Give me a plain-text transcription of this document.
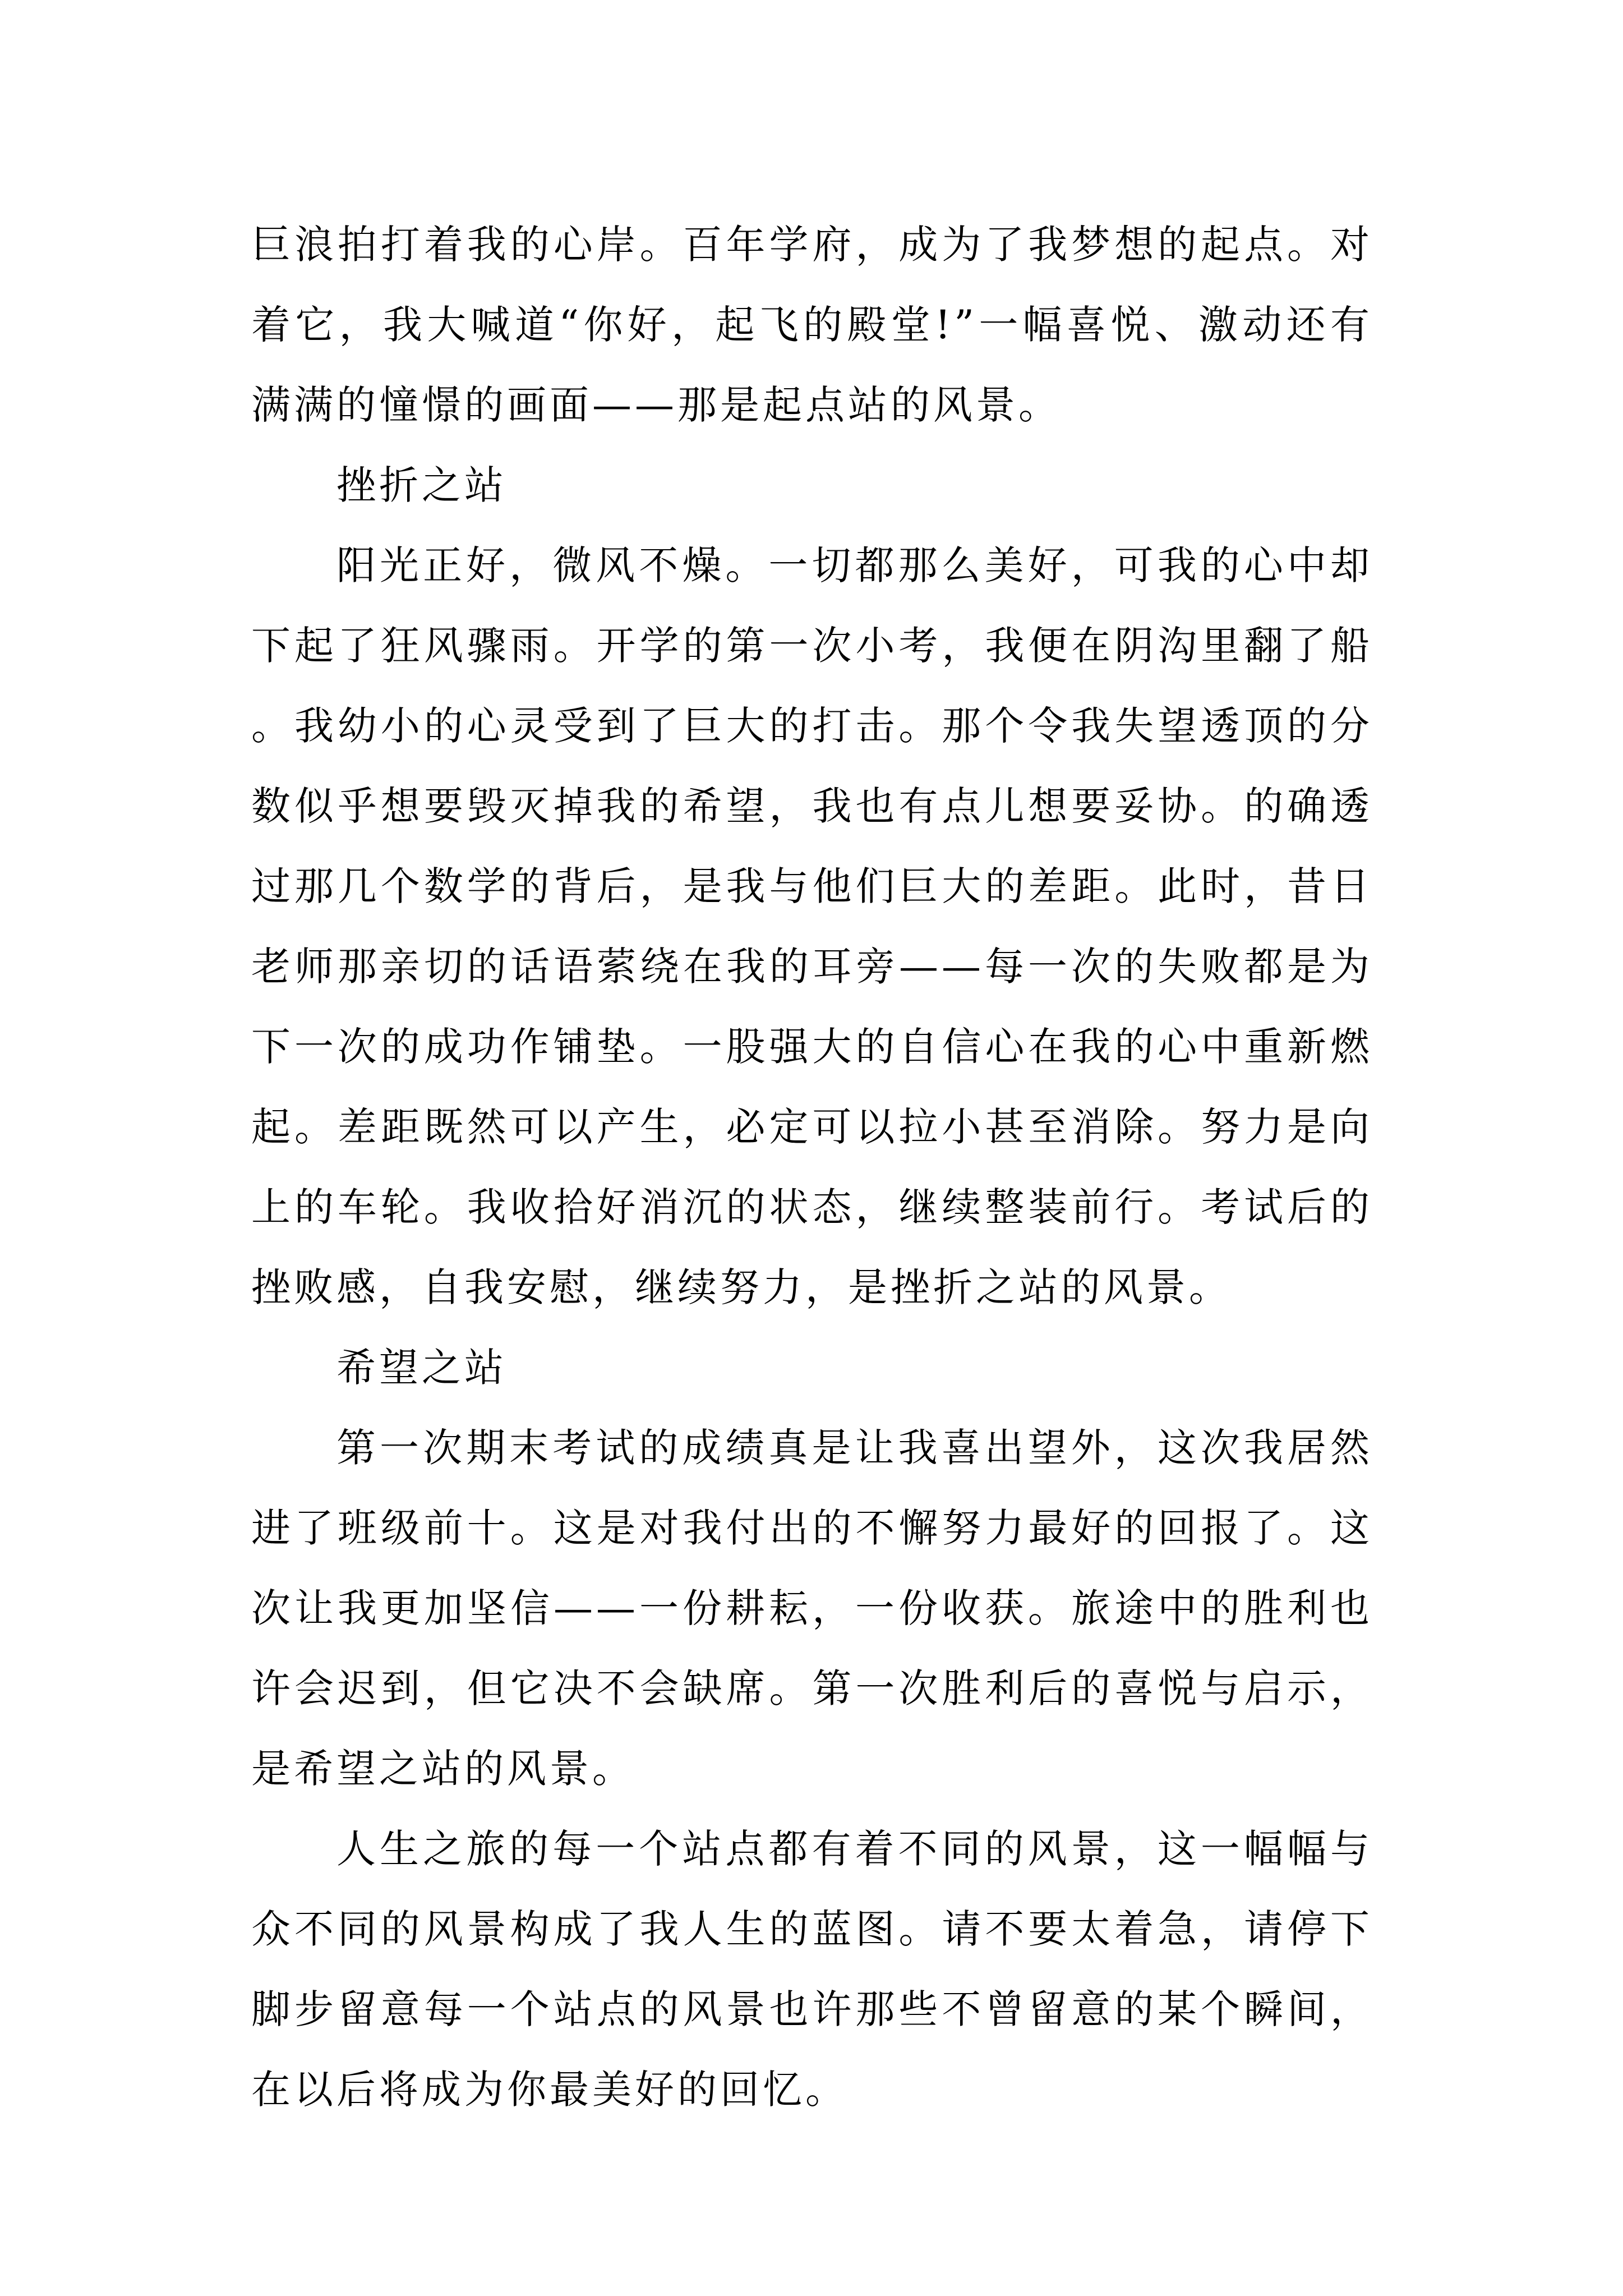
巨浪拍打着我的心岸。百年学府，成为了我梦想的起点。对着它，我大喊道“你好，起飞的殿堂!”一幅喜悦、激动还有满满的憧憬的画面——那是起点站的风景。

挫折之站

阳光正好，微风不燥。一切都那么美好，可我的心中却下起了狂风骤雨。开学的第一次小考，我便在阴沟里翻了船。我幼小的心灵受到了巨大的打击。那个令我失望透顶的分数似乎想要毁灭掉我的希望，我也有点儿想要妥协。的确透过那几个数学的背后，是我与他们巨大的差距。此时，昔日老师那亲切的话语萦绕在我的耳旁——每一次的失败都是为下一次的成功作铺垫。一股强大的自信心在我的心中重新燃起。差距既然可以产生，必定可以拉小甚至消除。努力是向上的车轮。我收拾好消沉的状态，继续整装前行。考试后的挫败感，自我安慰，继续努力，是挫折之站的风景。

希望之站

第一次期末考试的成绩真是让我喜出望外，这次我居然进了班级前十。这是对我付出的不懈努力最好的回报了。这次让我更加坚信——一份耕耘，一份收获。旅途中的胜利也许会迟到，但它决不会缺席。第一次胜利后的喜悦与启示，是希望之站的风景。

人生之旅的每一个站点都有着不同的风景，这一幅幅与众不同的风景构成了我人生的蓝图。请不要太着急，请停下脚步留意每一个站点的风景也许那些不曾留意的某个瞬间，在以后将成为你最美好的回忆。
